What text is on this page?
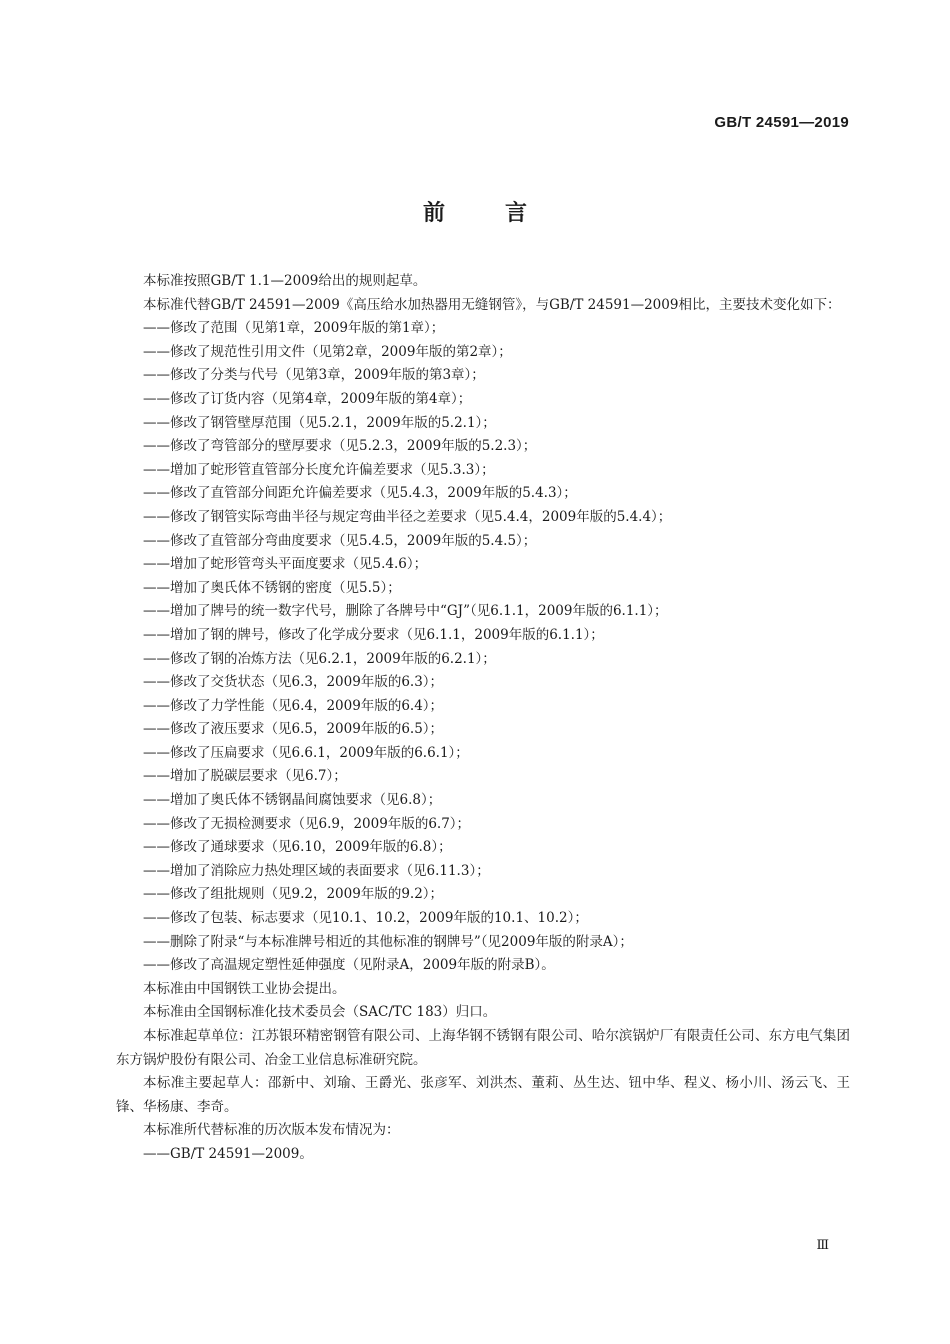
GB/T 24591—2019
前言

本标准按照GB/T 1.1—2009给出的规则起草。

本标准代替GB/T 24591—2009《高压给水加热器用无缝钢管》，与GB/T 24591—2009相比，主要技术变化如下：

——修改了范围（见第1章，2009年版的第1章）；

——修改了规范性引用文件（见第2章，2009年版的第2章）；

——修改了分类与代号（见第3章，2009年版的第3章）；

——修改了订货内容（见第4章，2009年版的第4章）；

——修改了钢管壁厚范围（见5.2.1，2009年版的5.2.1）；

——修改了弯管部分的壁厚要求（见5.2.3，2009年版的5.2.3）；

——增加了蛇形管直管部分长度允许偏差要求（见5.3.3）；

——修改了直管部分间距允许偏差要求（见5.4.3，2009年版的5.4.3）；

——修改了钢管实际弯曲半径与规定弯曲半径之差要求（见5.4.4，2009年版的5.4.4）；

——修改了直管部分弯曲度要求（见5.4.5，2009年版的5.4.5）；

——增加了蛇形管弯头平面度要求（见5.4.6）；

——增加了奥氏体不锈钢的密度（见5.5）；

——增加了牌号的统一数字代号，删除了各牌号中“GJ”（见6.1.1，2009年版的6.1.1）；

——增加了钢的牌号，修改了化学成分要求（见6.1.1，2009年版的6.1.1）；

——修改了钢的冶炼方法（见6.2.1，2009年版的6.2.1）；

——修改了交货状态（见6.3，2009年版的6.3）；

——修改了力学性能（见6.4，2009年版的6.4）；

——修改了液压要求（见6.5，2009年版的6.5）；

——修改了压扁要求（见6.6.1，2009年版的6.6.1）；

——增加了脱碳层要求（见6.7）；

——增加了奥氏体不锈钢晶间腐蚀要求（见6.8）；

——修改了无损检测要求（见6.9，2009年版的6.7）；

——修改了通球要求（见6.10，2009年版的6.8）；

——增加了消除应力热处理区域的表面要求（见6.11.3）；

——修改了组批规则（见9.2，2009年版的9.2）；

——修改了包装、标志要求（见10.1、10.2，2009年版的10.1、10.2）；

——删除了附录“与本标准牌号相近的其他标准的钢牌号”（见2009年版的附录A）；

——修改了高温规定塑性延伸强度（见附录A，2009年版的附录B）。

本标准由中国钢铁工业协会提出。

本标准由全国钢标准化技术委员会（SAC/TC 183）归口。

本标准起草单位：江苏银环精密钢管有限公司、上海华钢不锈钢有限公司、哈尔滨锅炉厂有限责任公司、东方电气集团东方锅炉股份有限公司、冶金工业信息标准研究院。

本标准主要起草人：邵新中、刘瑜、王爵光、张彦军、刘洪杰、董莉、丛生达、钮中华、程义、杨小川、汤云飞、王锋、华杨康、李奇。

本标准所代替标准的历次版本发布情况为：

——GB/T 24591—2009。

Ⅲ
